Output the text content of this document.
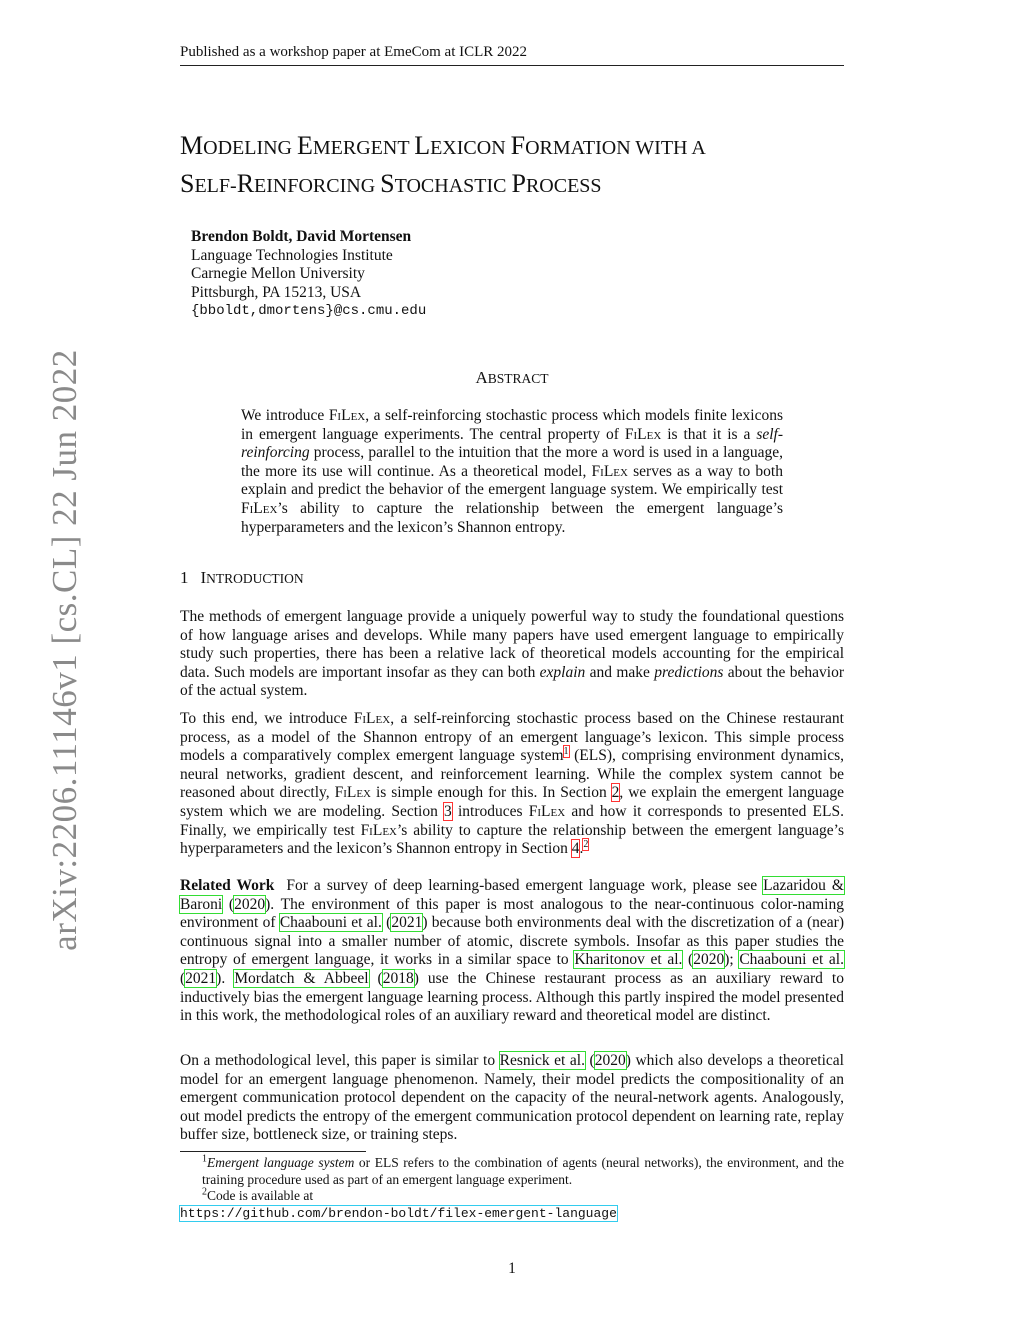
Published as a workshop paper at EmeCom at ICLR 2022
arXiv:2206.11146v1 [cs.CL] 22 Jun 2022
MODELING EMERGENT LEXICON FORMATION WITH A
SELF-REINFORCING STOCHASTIC PROCESS
Brendon Boldt, David Mortensen
Language Technologies Institute
Carnegie Mellon University
Pittsburgh, PA 15213, USA
{bboldt,dmortens}@cs.cmu.edu
ABSTRACT

We introduce FiLex, a self-reinforcing stochastic process which models finite lexicons in emergent language experiments. The central property of FiLex is that it is a self-reinforcing process, parallel to the intuition that the more a word is used in a language, the more its use will continue. As a theoretical model, FiLex serves as a way to both explain and predict the behavior of the emergent language system. We empirically test FiLex’s ability to capture the relationship between the emergent language’s hyperparameters and the lexicon’s Shannon entropy.

1 INTRODUCTION

The methods of emergent language provide a uniquely powerful way to study the foundational questions of how language arises and develops. While many papers have used emergent language to empirically study such properties, there has been a relative lack of theoretical models accounting for the empirical data. Such models are important insofar as they can both explain and make predictions about the behavior of the actual system.

To this end, we introduce FiLex, a self-reinforcing stochastic process based on the Chinese restaurant process, as a model of the Shannon entropy of an emergent language’s lexicon. This simple process models a comparatively complex emergent language system$^1$ (ELS), comprising environment dynamics, neural networks, gradient descent, and reinforcement learning. While the complex system cannot be reasoned about directly, FiLex is simple enough for this. In Section 2, we explain the emergent language system which we are modeling. Section 3 introduces FiLex and how it corresponds to presented ELS. Finally, we empirically test FiLex’s ability to capture the relationship between the emergent language’s hyperparameters and the lexicon’s Shannon entropy in Section 4.$^2$

Related Work For a survey of deep learning-based emergent language work, please see Lazaridou & Baroni (2020). The environment of this paper is most analogous to the near-continuous color-naming environment of Chaabouni et al. (2021) because both environments deal with the discretization of a (near) continuous signal into a smaller number of atomic, discrete symbols. Insofar as this paper studies the entropy of emergent language, it works in a similar space to Kharitonov et al. (2020); Chaabouni et al. (2021). Mordatch & Abbeel (2018) use the Chinese restaurant process as an auxiliary reward to inductively bias the emergent language learning process. Although this partly inspired the model presented in this work, the methodological roles of an auxiliary reward and theoretical model are distinct.

On a methodological level, this paper is similar to Resnick et al. (2020) which also develops a theoretical model for an emergent language phenomenon. Namely, their model predicts the compositionality of an emergent communication protocol dependent on the capacity of the neural-network agents. Analogously, out model predicts the entropy of the emergent communication protocol dependent on learning rate, replay buffer size, bottleneck size, or training steps.

$^1$Emergent language system or ELS refers to the combination of agents (neural networks), the environment, and the training procedure used as part of an emergent language experiment.

$^2$Code is available at

https://github.com/brendon-boldt/filex-emergent-language

1
